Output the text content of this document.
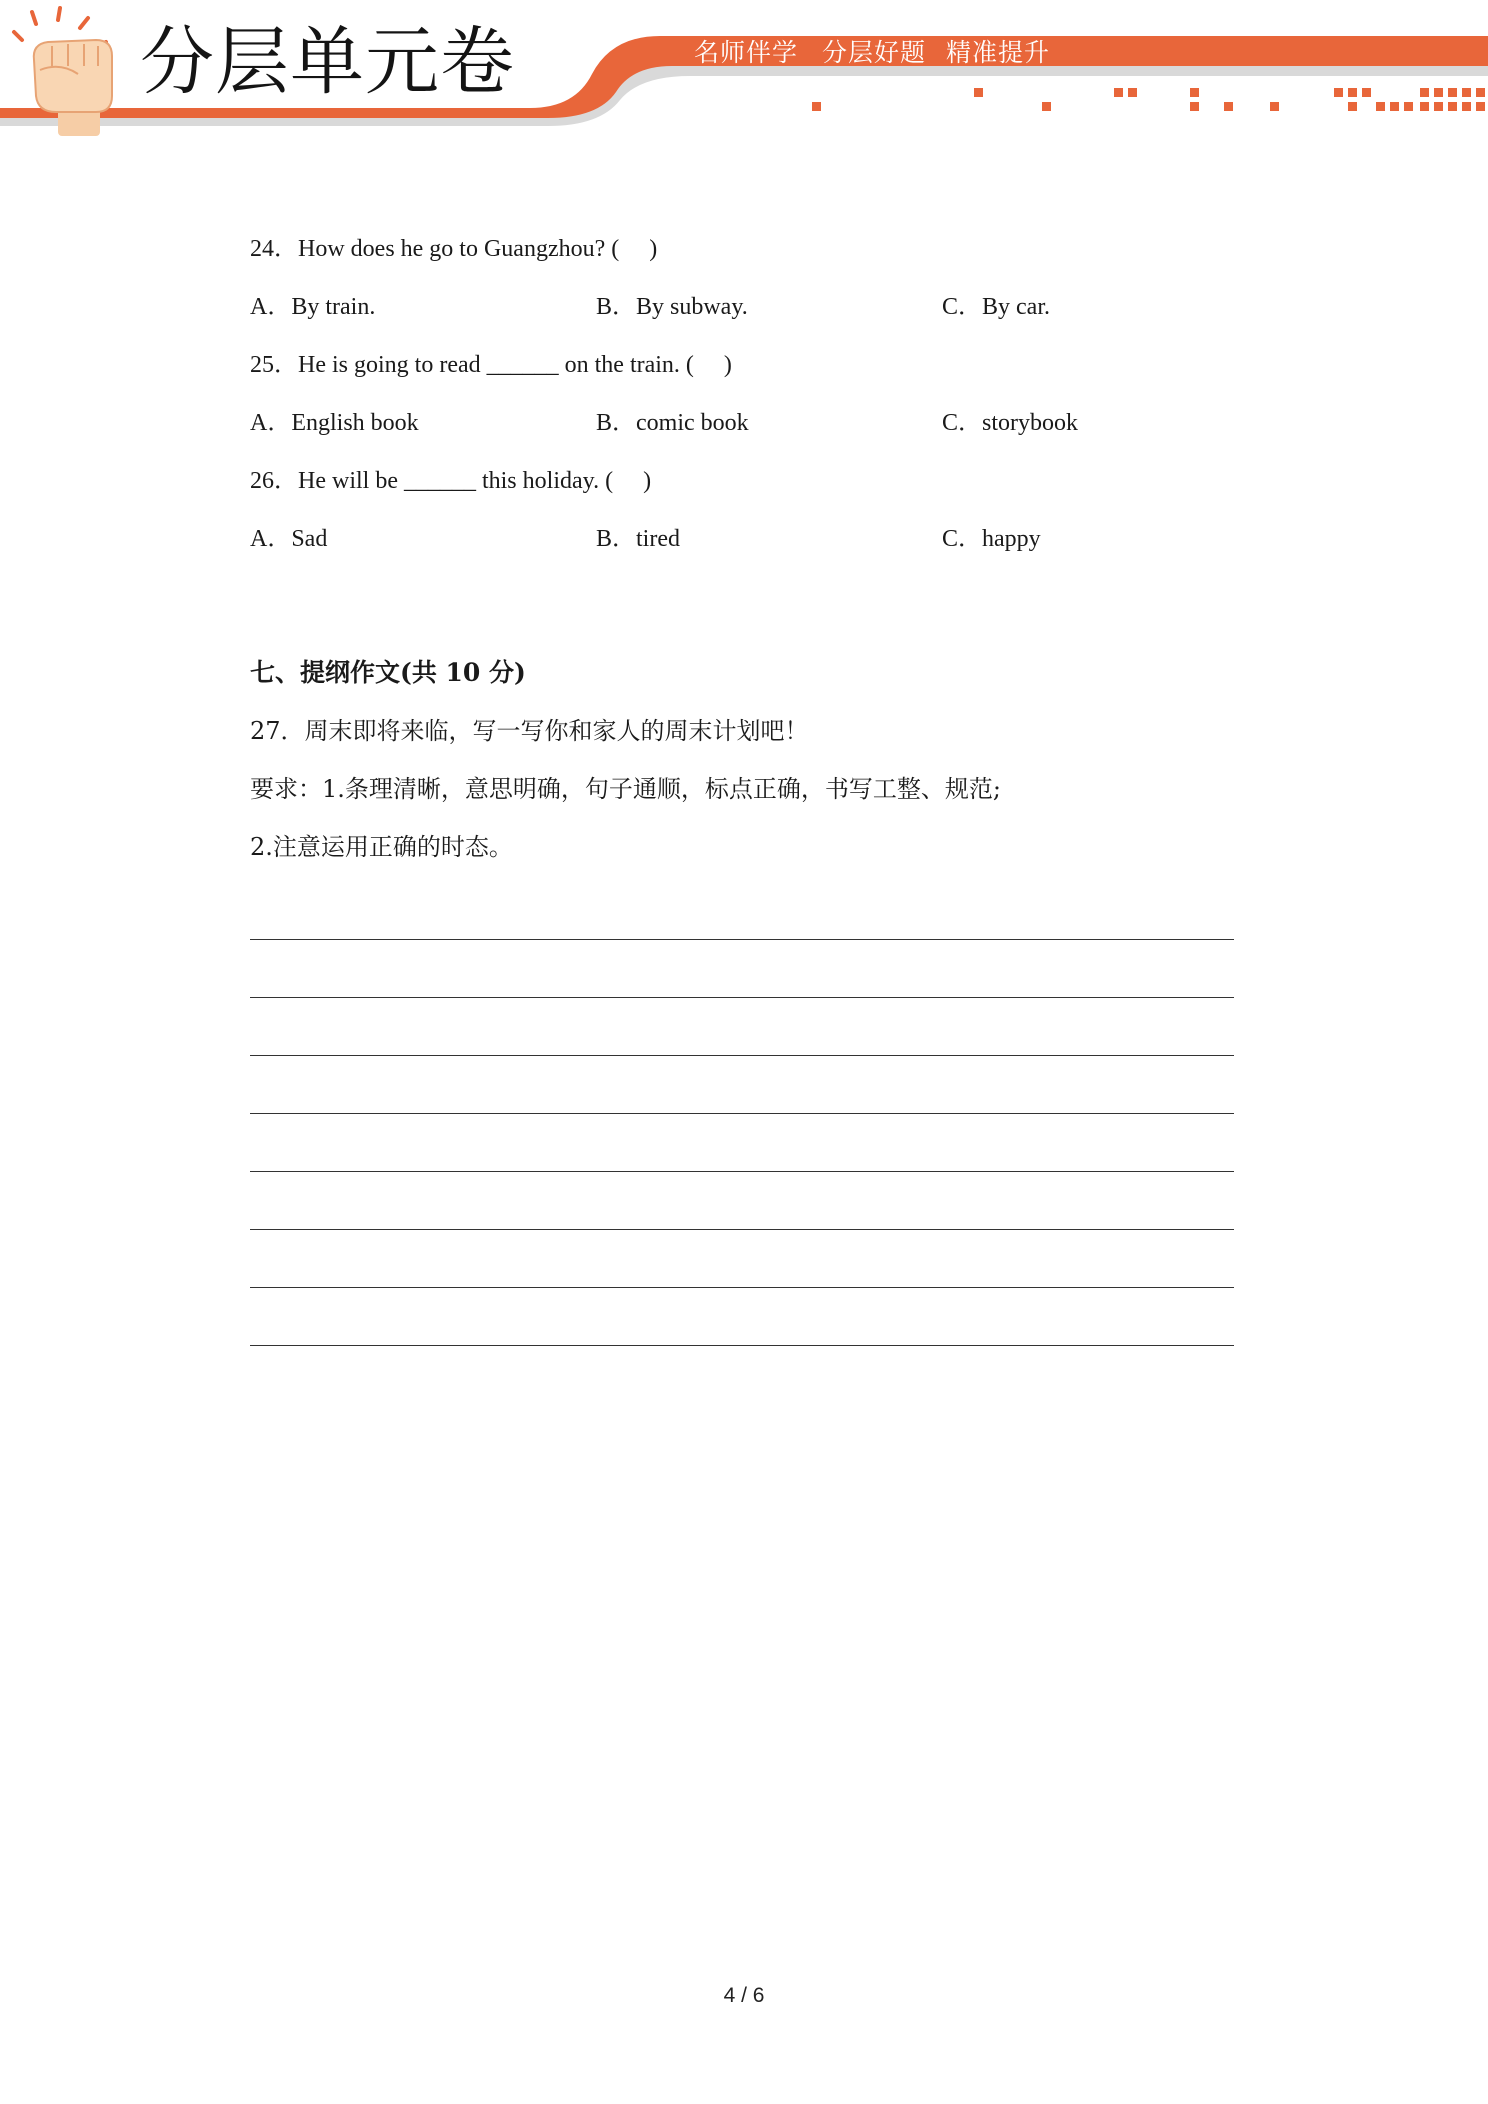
分层单元卷	名师伴学 分层好题 精准提升
24．How does he go to Guangzhou? (　 )
A．By train.	B．By subway.	C．By car.
25．He is going to read ______ on the train. (　 )
A．English book	B．comic book	C．storybook
26．He will be ______ this holiday. (　 )
A．Sad	B．tired	C．happy
七、提纲作文(共 10 分)
27．周末即将来临，写一写你和家人的周末计划吧！
要求：1.条理清晰，意思明确，句子通顺，标点正确，书写工整、规范;
2.注意运用正确的时态。
4 / 6
